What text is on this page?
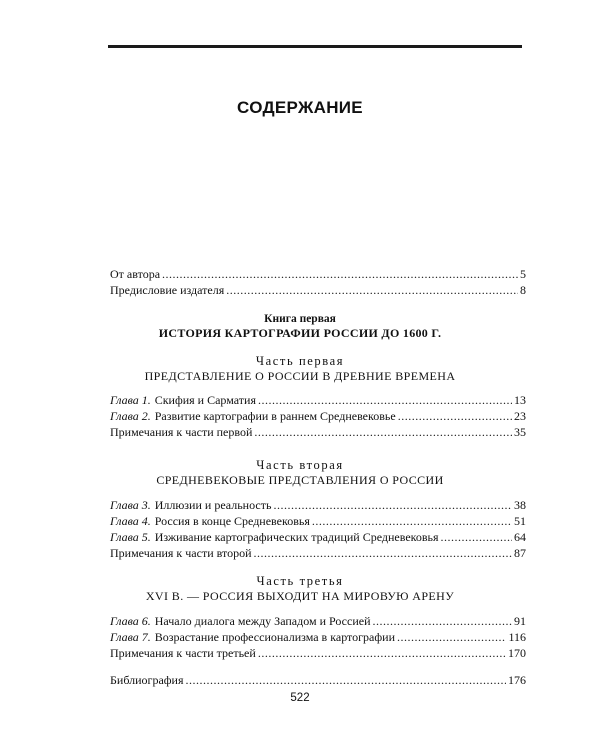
СОДЕРЖАНИЕ
От автора .....	5
Предисловие издателя .....	8
Глава 1. Скифия и Сарматия .....	13
Глава 2. Развитие картографии в раннем Средневековье .....	23
Примечания к части первой .....	35
Глава 3. Иллюзии и реальность .....	38
Глава 4. Россия в конце Средневековья .....	51
Глава 5. Изживание картографических традиций Средневековья .....	64
Примечания к части второй .....	87
Глава 6. Начало диалога между Западом и Россией .....	91
Глава 7. Возрастание профессионализма в картографии .....	116
Примечания к части третьей .....	170
Библиография .....	176
Книга первая
ИСТОРИЯ КАРТОГРАФИИ РОССИИ ДО 1600 Г.
Часть первая
ПРЕДСТАВЛЕНИЕ О РОССИИ В ДРЕВНИЕ ВРЕМЕНА
Часть вторая
СРЕДНЕВЕКОВЫЕ ПРЕДСТАВЛЕНИЯ О РОССИИ
Часть третья
XVI В. — РОССИЯ ВЫХОДИТ НА МИРОВУЮ АРЕНУ
522
